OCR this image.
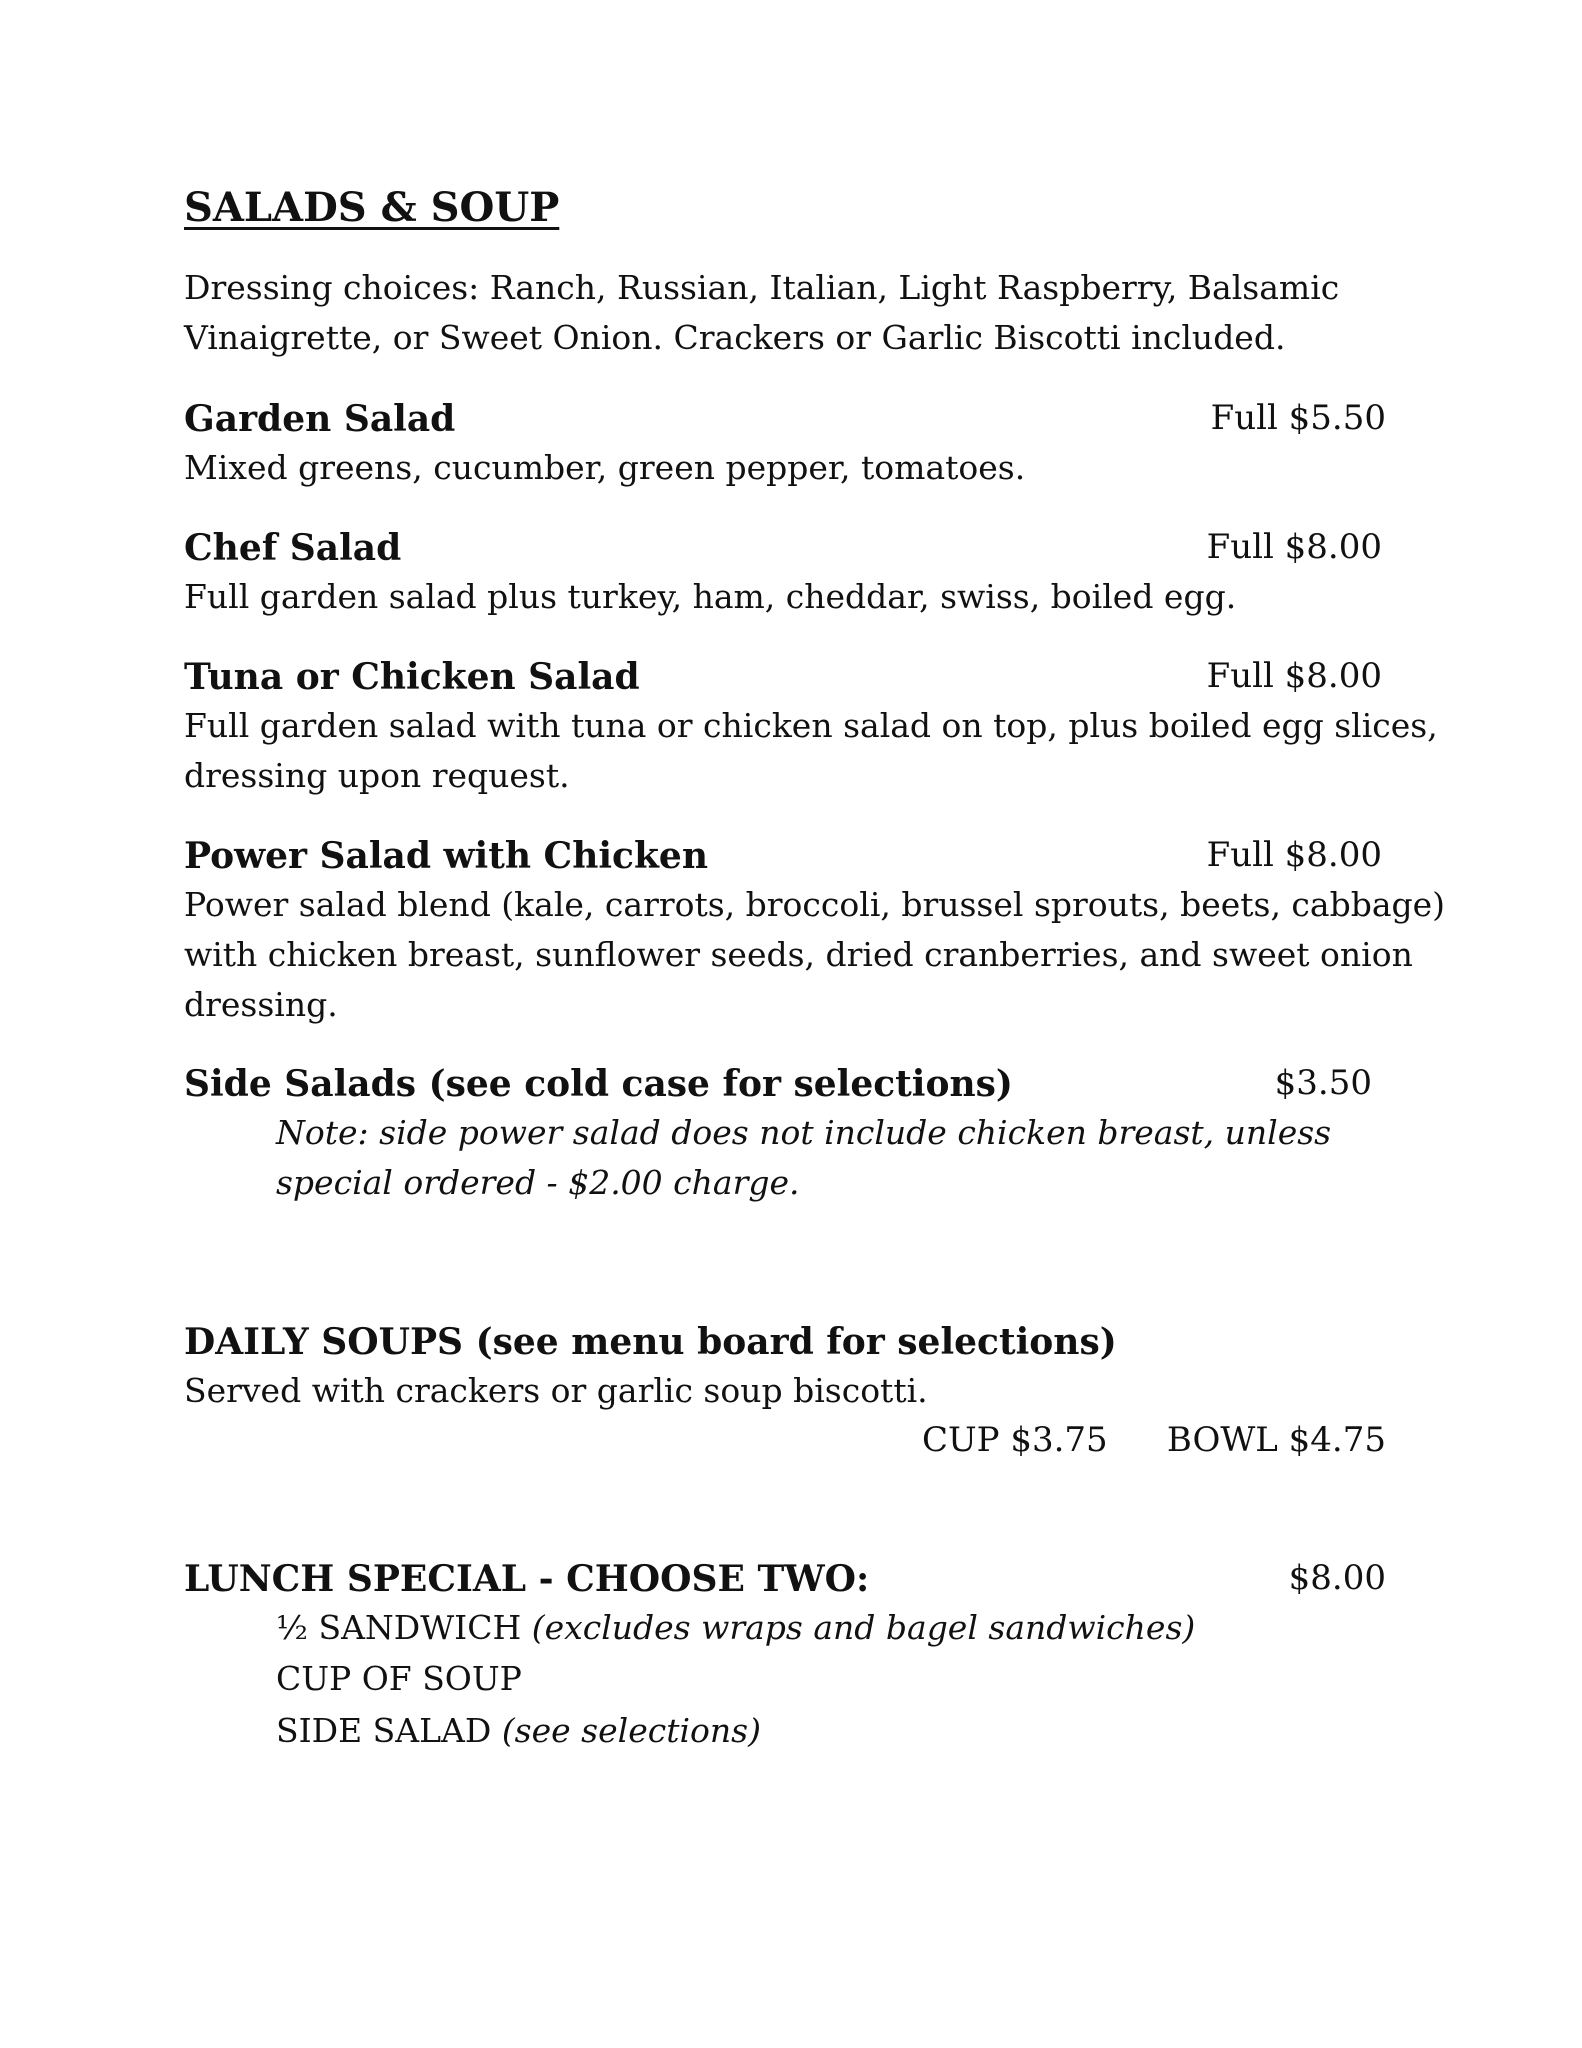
SALADS & SOUP
Dressing choices: Ranch, Russian, Italian, Light Raspberry, Balsamic
Vinaigrette, or Sweet Onion. Crackers or Garlic Biscotti included.
Garden Salad	Full $5.50
Mixed greens, cucumber, green pepper, tomatoes.
Chef Salad	Full $8.00
Full garden salad plus turkey, ham, cheddar, swiss, boiled egg.
Tuna or Chicken Salad	Full $8.00
Full garden salad with tuna or chicken salad on top, plus boiled egg slices,
dressing upon request.
Power Salad with Chicken	Full $8.00
Power salad blend (kale, carrots, broccoli, brussel sprouts, beets, cabbage)
with chicken breast, sunflower seeds, dried cranberries, and sweet onion
dressing.
Side Salads (see cold case for selections)	$3.50
Note: side power salad does not include chicken breast, unless
special ordered - $2.00 charge.
DAILY SOUPS (see menu board for selections)
Served with crackers or garlic soup biscotti.
CUP $3.75 BOWL $4.75
LUNCH SPECIAL - CHOOSE TWO:	$8.00
½ SANDWICH (excludes wraps and bagel sandwiches)
CUP OF SOUP
SIDE SALAD (see selections)
